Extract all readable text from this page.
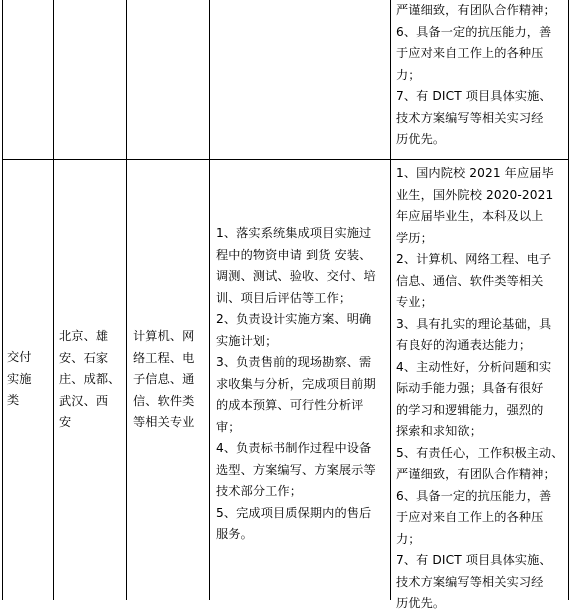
严谨细致，有团队合作精神；
6、具备一定的抗压能力，善
于应对来自工作上的各种压
力；
7、有 DICT 项目具体实施、
技术方案编写等相关实习经
历优先。
交付
实施
类
北京、雄
安、石家
庄、成都、
武汉、西
安
计算机、网
络工程、电
子信息、通
信、软件类
等相关专业
1、落实系统集成项目实施过
程中的物资申请 到货 安装、
调测、测试、验收、交付、培
训、项目后评估等工作；
2、负责设计实施方案、明确
实施计划；
3、负责售前的现场勘察、需
求收集与分析，完成项目前期
的成本预算、可行性分析评
审；
4、负责标书制作过程中设备
选型、方案编写、方案展示等
技术部分工作；
5、完成项目质保期内的售后
服务。
1、国内院校 2021 年应届毕
业生，国外院校 2020-2021
年应届毕业生，本科及以上
学历；
2、计算机、网络工程、电子
信息、通信、软件类等相关
专业；
3、具有扎实的理论基础，具
有良好的沟通表达能力；
4、主动性好，分析问题和实
际动手能力强；具备有很好
的学习和逻辑能力，强烈的
探索和求知欲；
5、有责任心，工作积极主动、
严谨细致，有团队合作精神；
6、具备一定的抗压能力，善
于应对来自工作上的各种压
力；
7、有 DICT 项目具体实施、
技术方案编写等相关实习经
历优先。
